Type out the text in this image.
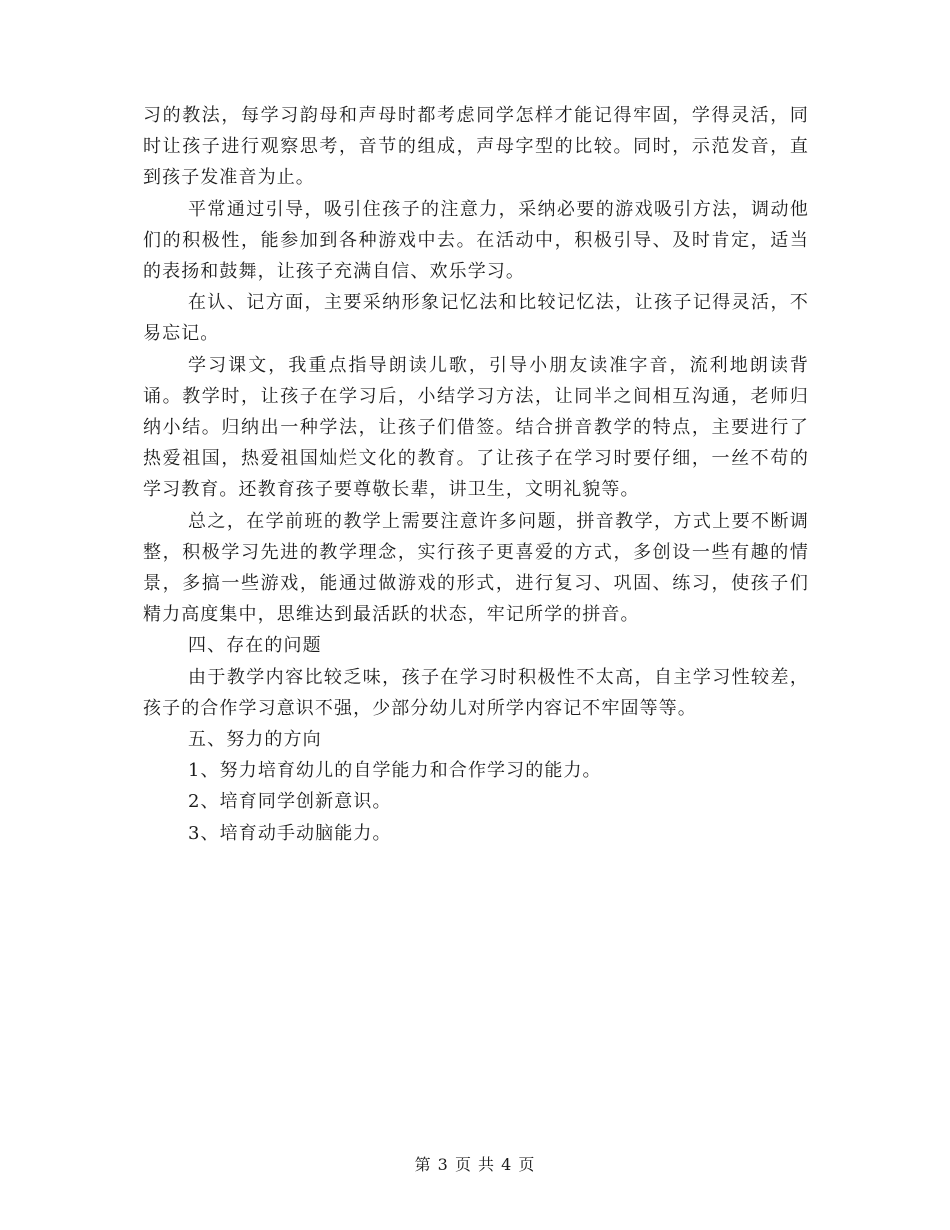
习的教法，每学习韵母和声母时都考虑同学怎样才能记得牢固，学得灵活，同时让孩子进行观察思考，音节的组成，声母字型的比较。同时，示范发音，直到孩子发准音为止。

平常通过引导，吸引住孩子的注意力，采纳必要的游戏吸引方法，调动他们的积极性，能参加到各种游戏中去。在活动中，积极引导、及时肯定，适当的表扬和鼓舞，让孩子充满自信、欢乐学习。

在认、记方面，主要采纳形象记忆法和比较记忆法，让孩子记得灵活，不易忘记。

学习课文，我重点指导朗读儿歌，引导小朋友读准字音，流利地朗读背诵。教学时，让孩子在学习后，小结学习方法，让同半之间相互沟通，老师归纳小结。归纳出一种学法，让孩子们借签。结合拼音教学的特点，主要进行了热爱祖国，热爱祖国灿烂文化的教育。了让孩子在学习时要仔细，一丝不苟的学习教育。还教育孩子要尊敬长辈，讲卫生，文明礼貌等。

总之，在学前班的教学上需要注意许多问题，拼音教学，方式上要不断调整，积极学习先进的教学理念，实行孩子更喜爱的方式，多创设一些有趣的情景，多搞一些游戏，能通过做游戏的形式，进行复习、巩固、练习，使孩子们精力高度集中，思维达到最活跃的状态，牢记所学的拼音。

四、存在的问题

由于教学内容比较乏味，孩子在学习时积极性不太高，自主学习性较差，孩子的合作学习意识不强，少部分幼儿对所学内容记不牢固等等。

五、努力的方向

1、努力培育幼儿的自学能力和合作学习的能力。

2、培育同学创新意识。

3、培育动手动脑能力。

第 3 页 共 4 页
